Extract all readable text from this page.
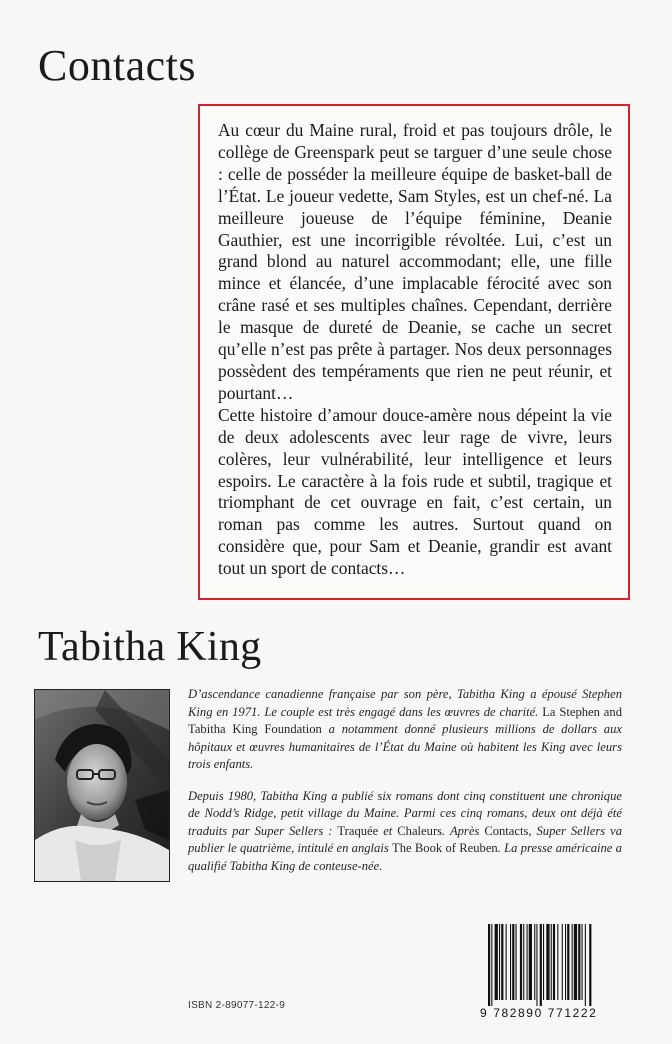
Contacts

Au cœur du Maine rural, froid et pas toujours drôle, le collège de Greenspark peut se targuer d’une seule chose : celle de posséder la meilleure équipe de basket-ball de l’État. Le joueur vedette, Sam Styles, est un chef-né. La meilleure joueuse de l’équipe féminine, Deanie Gauthier, est une incorrigible révoltée. Lui, c’est un grand blond au naturel accommodant; elle, une fille mince et élancée, d’une implacable férocité avec son crâne rasé et ses multiples chaînes. Cependant, derrière le masque de dureté de Deanie, se cache un secret qu’elle n’est pas prête à partager. Nos deux personnages possèdent des tempéraments que rien ne peut réunir, et pourtant…

Cette histoire d’amour douce-amère nous dépeint la vie de deux adolescents avec leur rage de vivre, leurs colères, leur vulnérabilité, leur intelligence et leurs espoirs. Le caractère à la fois rude et subtil, tragique et triomphant de cet ouvrage en fait, c’est certain, un roman pas comme les autres. Surtout quand on considère que, pour Sam et Deanie, grandir est avant tout un sport de contacts…

Tabitha King

D’ascendance canadienne française par son père, Tabitha King a épousé Stephen King en 1971. Le couple est très engagé dans les œuvres de charité. La Stephen and Tabitha King Foundation a notamment donné plusieurs millions de dollars aux hôpitaux et œuvres humanitaires de l’État du Maine où habitent les King avec leurs trois enfants.

Depuis 1980, Tabitha King a publié six romans dont cinq constituent une chronique de Nodd’s Ridge, petit village du Maine. Parmi ces cinq romans, deux ont déjà été traduits par Super Sellers : Traquée et Chaleurs. Après Contacts, Super Sellers va publier le quatrième, intitulé en anglais The Book of Reuben. La presse américaine a qualifié Tabitha King de conteuse-née.

ISBN 2-89077-122-9
9 782890 771222
